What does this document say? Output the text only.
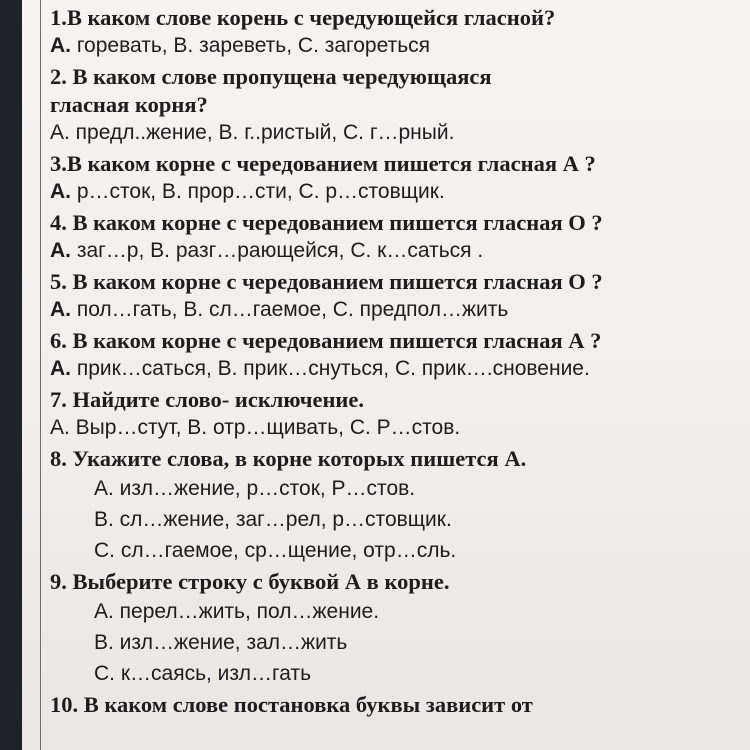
1.В каком слове корень с чередующейся гласной?

А. горевать, В. зареветь, С. загореться

2. В каком слове пропущена чередующаяся

гласная корня?

А. предл..жение, В. г..ристый, С. г…рный.

3.В каком корне с чередованием пишется гласная А ?

А. р…сток, В. прор…сти, С. р…стовщик.

4. В каком корне с чередованием пишется гласная О ?

А. заг…р, В. разг…рающейся, С. к…саться .

5. В каком корне с чередованием пишется гласная О ?

А. пол…гать, В. сл…гаемое, С. предпол…жить

6. В каком корне с чередованием пишется гласная А ?

А. прик…саться, В. прик…снуться, С. прик….сновение.

7. Найдите слово- исключение.

А. Выр…стут, В. отр…щивать, С. Р…стов.

8. Укажите слова, в корне которых пишется А.

А. изл…жение, р…сток, Р…стов.

В. сл…жение, заг…рел, р…стовщик.

С. сл…гаемое, ср…щение, отр…сль.

9. Выберите строку с буквой А в корне.

А. перел…жить, пол…жение.

В. изл…жение, зал…жить

С. к…саясь, изл…гать

10. В каком слове постановка буквы зависит от
